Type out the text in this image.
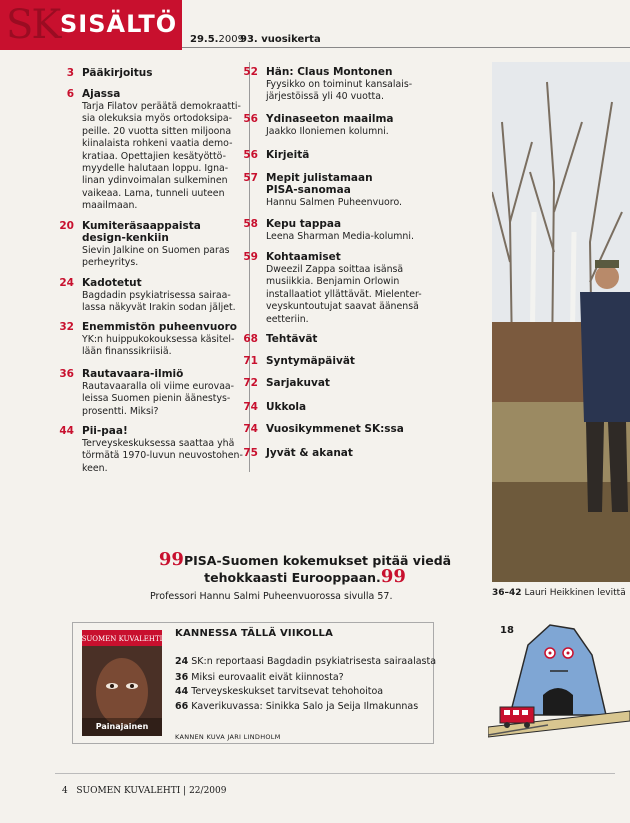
SK SISÄLTÖ
29.5.2009
93. vuosikerta
3 Pääkirjoitus
6 Ajassa
Tarja Filatov peräätä demokraatti-
sia olekuksia myös ortodoksipa-
peille. 20 vuotta sitten miljoona
kiinalaista rohkeni vaatia demo-
kratiaa. Opettajien kesätyöttö-
myydelle halutaan loppu. Igna-
linan ydinvoimalan sulkeminen
vaikeaa. Lama, tunneli uuteen
maailmaan.
20 Kumiteräsaappaista
design-kenkiin
Sievin Jalkine on Suomen paras
perheyritys.
24 Kadotetut
Bagdadin psykiatrisessa sairaa-
lassa näkyvät Irakin sodan jäljet.
32 Enemmistön puheenvuoro
YK:n huippukokouksessa käsitel-
lään finanssikriisiä.
36 Rautavaara-ilmiö
Rautavaaralla oli viime eurovaa-
leissa Suomen pienin äänestys-
prosentti. Miksi?
44 Pii-paa!
Terveyskeskuksessa saattaa yhä
törmätä 1970-luvun neuvostohen-
keen.
52 Hän: Claus Montonen
Fyysikko on toiminut kansalais-
järjestöissä yli 40 vuotta.
56 Ydinaseeton maailma
Jaakko Iloniemen kolumni.
56 Kirjeitä
57 Mepit julistamaan
PISA-sanomaa
Hannu Salmen Puheenvuoro.
58 Kepu tappaa
Leena Sharman Media-kolumni.
59 Kohtaamiset
Dweezil Zappa soittaa isänsä
musiikkia. Benjamin Orlowin
installaatiot yllättävät. Mielenter-
veyskuntoutujat saavat äänensä
eetteriin.
68 Tehtävät
71 Syntymäpäivät
72 Sarjakuvat
74 Ukkola
74 Vuosikymmenet SK:ssa
75 Jyvät & akanat
36–42 Lauri Heikkinen levittä
99PISA-Suomen kokemukset pitää viedä
tehokkaasti Eurooppaan.99
Professori Hannu Salmi Puheenvuorossa sivulla 57.
SUOMEN KUVALEHTI
Painajainen
KANNESSA TÄLLÄ VIIKOLLA
24 SK:n reportaasi Bagdadin psykiatrisesta sairaalasta
36 Miksi eurovaalit eivät kiinnosta?
44 Terveyskeskukset tarvitsevat tehohoitoa
66 Kaverikuvassa: Sinikka Salo ja Seija Ilmakunnas
KANNEN KUVA JARI LINDHOLM
18
4 SUOMEN KUVALEHTI | 22/2009
